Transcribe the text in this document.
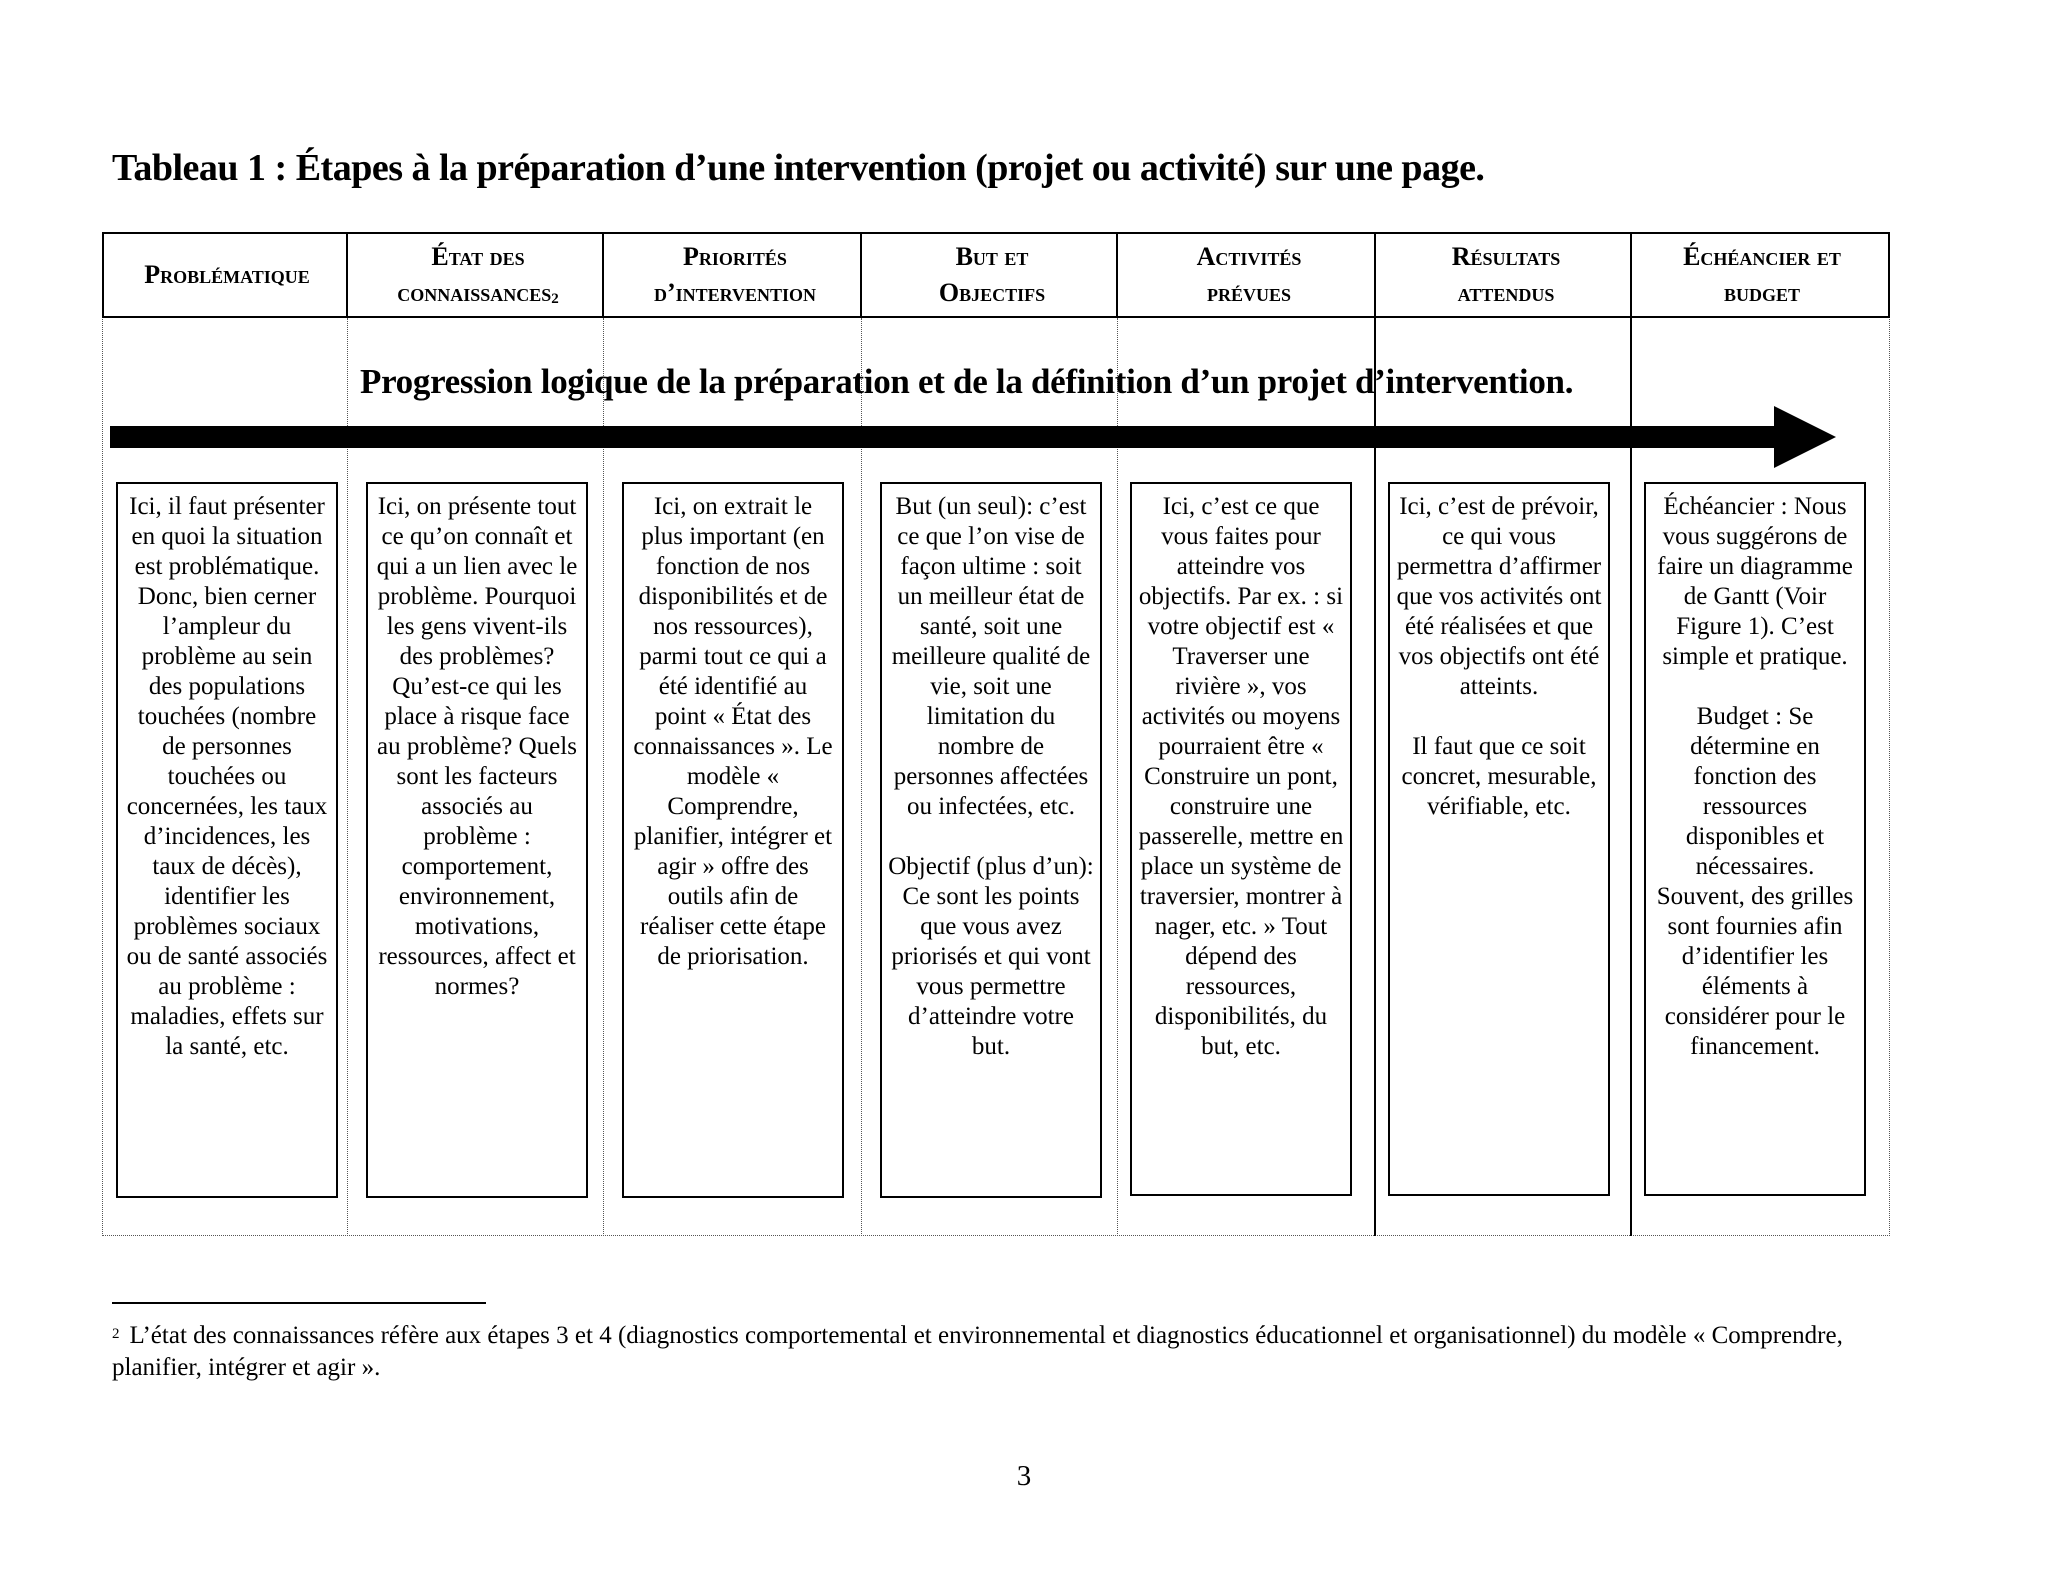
Tableau 1 : Étapes à la préparation d’une intervention (projet ou activité) sur une page.
Problématique
État des
connaissances$^2$
Priorités
d’intervention
But et
Objectifs
Activités
prévues
Résultats
attendus
Échéancier et
budget
Progression logique de la préparation et de la définition d’un projet d’intervention.

Ici, il faut présenter en quoi la situation est problématique. Donc, bien cerner l’ampleur du problème au sein des populations touchées (nombre de personnes touchées ou concernées, les taux d’incidences, les taux de décès), identifier les problèmes sociaux ou de santé associés au problème : maladies, effets sur la santé, etc.

Ici, on présente tout ce qu’on connaît et qui a un lien avec le problème. Pourquoi les gens vivent-ils des problèmes? Qu’est-ce qui les place à risque face au problème? Quels sont les facteurs associés au problème : comportement, environnement, motivations, ressources, affect et normes?

Ici, on extrait le plus important (en fonction de nos disponibilités et de nos ressources), parmi tout ce qui a été identifié au point « État des connaissances ». Le modèle « Comprendre, planifier, intégrer et agir » offre des outils afin de réaliser cette étape de priorisation.

But (un seul): c’est ce que l’on vise de façon ultime : soit un meilleur état de santé, soit une meilleure qualité de vie, soit une limitation du nombre de personnes affectées ou infectées, etc.

Objectif (plus d’un): Ce sont les points que vous avez priorisés et qui vont vous permettre d’atteindre votre but.

Ici, c’est ce que vous faites pour atteindre vos objectifs. Par ex. : si votre objectif est « Traverser une rivière », vos activités ou moyens pourraient être « Construire un pont, construire une passerelle, mettre en place un système de traversier, montrer à nager, etc. » Tout dépend des ressources, disponibilités, du but, etc.

Ici, c’est de prévoir, ce qui vous permettra d’affirmer que vos activités ont été réalisées et que vos objectifs ont été atteints.

Il faut que ce soit concret, mesurable, vérifiable, etc.

Échéancier : Nous vous suggérons de faire un diagramme de Gantt (Voir Figure 1). C’est simple et pratique.

Budget : Se détermine en fonction des ressources disponibles et nécessaires. Souvent, des grilles sont fournies afin d’identifier les éléments à considérer pour le financement.

$^2$ L’état des connaissances réfère aux étapes 3 et 4 (diagnostics comportemental et environnemental et diagnostics éducationnel et organisationnel) du modèle « Comprendre, planifier, intégrer et agir ».
3
